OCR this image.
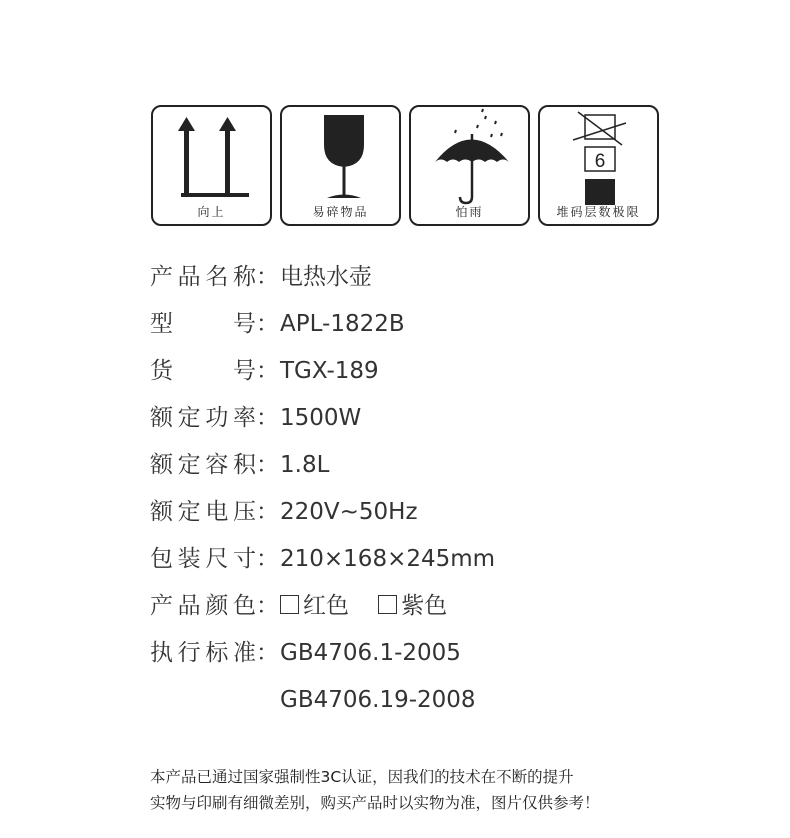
向上	易碎物品	怕雨
6
堆码层数极限
产品名称 ： 电热水壶
型号 ： APL-1822B
货号 ： TGX-189
额定功率 ： 1500W
额定容积 ： 1.8L
额定电压 ： 220V~50Hz
包装尺寸 ： 210×168×245mm
产品颜色 ：	红色 紫色
执行标准 ： GB4706.1-2005
GB4706.19-2008
本产品已通过国家强制性3C认证，因我们的技术在不断的提升
实物与印刷有细微差别，购买产品时以实物为准，图片仅供参考！
